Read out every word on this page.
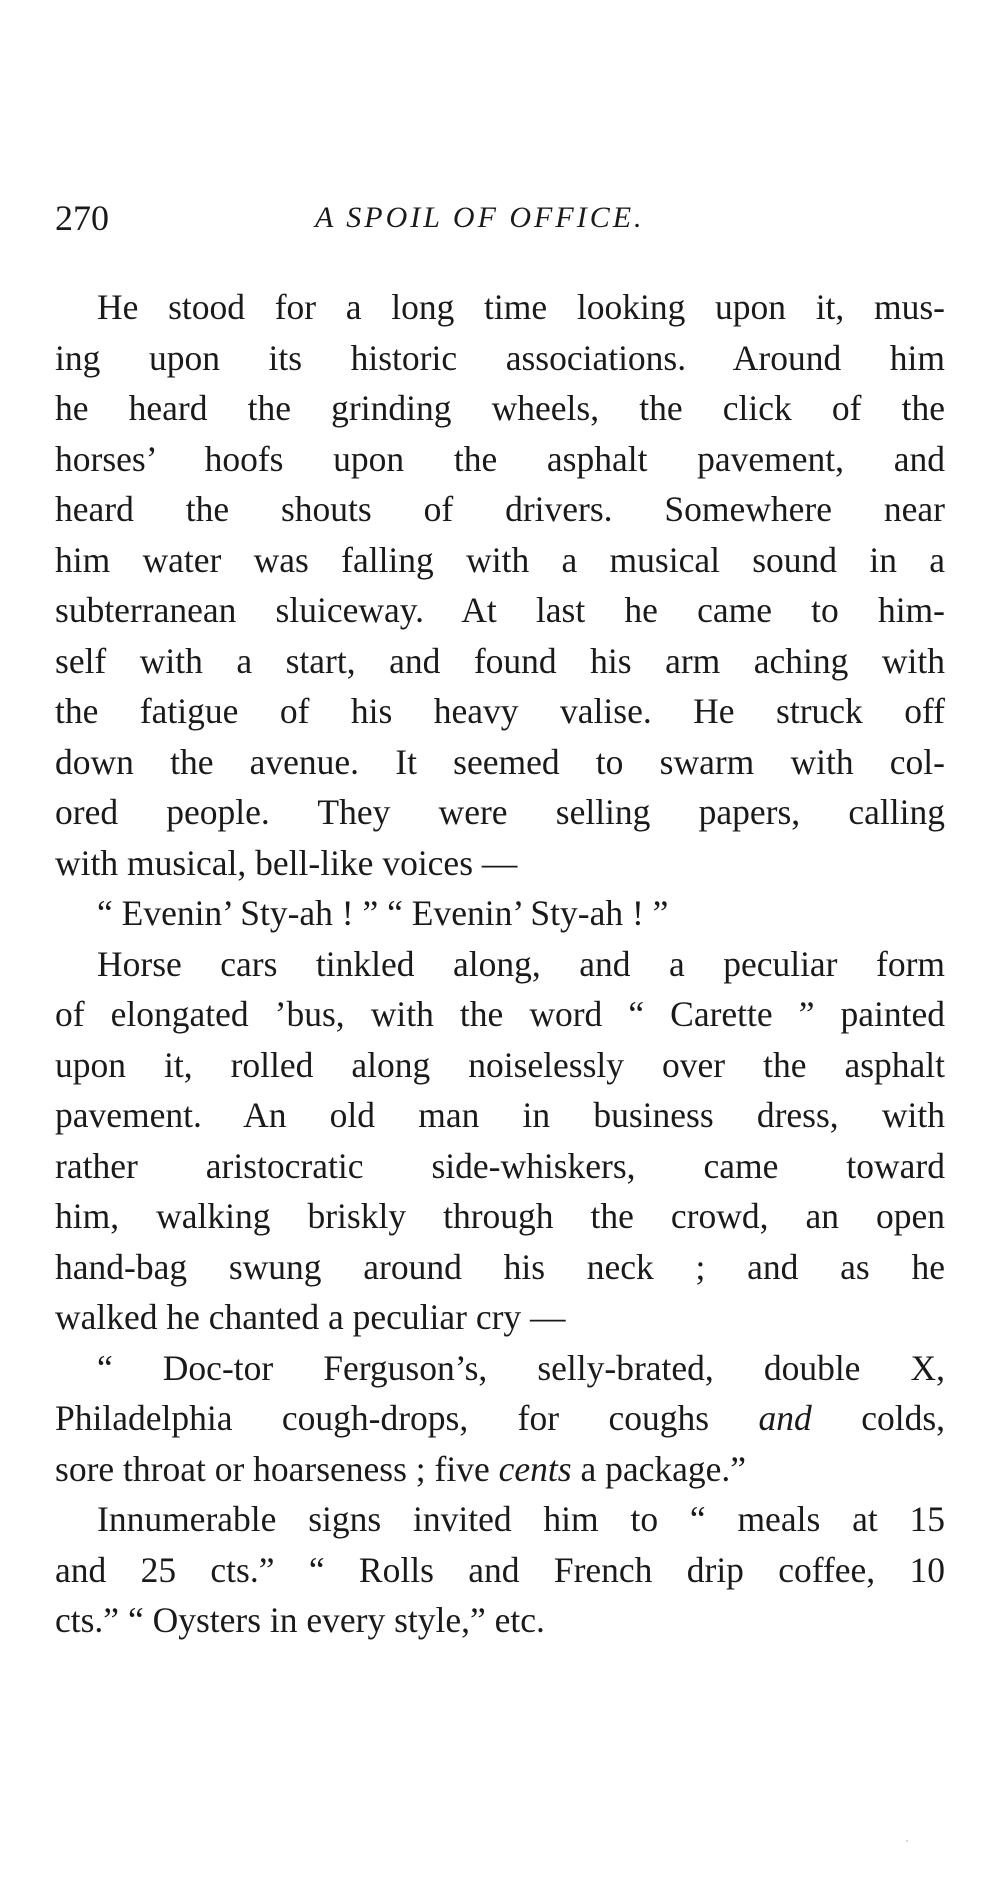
270	A SPOIL OF OFFICE.
He stood for a long time looking upon it, mus-
ing upon its historic associations. Around him
he heard the grinding wheels, the click of the
horses’ hoofs upon the asphalt pavement, and
heard the shouts of drivers. Somewhere near
him water was falling with a musical sound in a
subterranean sluiceway. At last he came to him-
self with a start, and found his arm aching with
the fatigue of his heavy valise. He struck off
down the avenue. It seemed to swarm with col-
ored people. They were selling papers, calling
with musical, bell-like voices —
“ Evenin’ Sty-ah ! ” “ Evenin’ Sty-ah ! ”
Horse cars tinkled along, and a peculiar form
of elongated ’bus, with the word “ Carette ” painted
upon it, rolled along noiselessly over the asphalt
pavement. An old man in business dress, with
rather aristocratic side-whiskers, came toward
him, walking briskly through the crowd, an open
hand-bag swung around his neck ; and as he
walked he chanted a peculiar cry —
“ Doc-tor Ferguson’s, selly-brated, double X,
Philadelphia cough-drops, for coughs and colds,
sore throat or hoarseness ; five cents a package.”
Innumerable signs invited him to “ meals at 15
and 25 cts.” “ Rolls and French drip coffee, 10
cts.” “ Oysters in every style,” etc.
